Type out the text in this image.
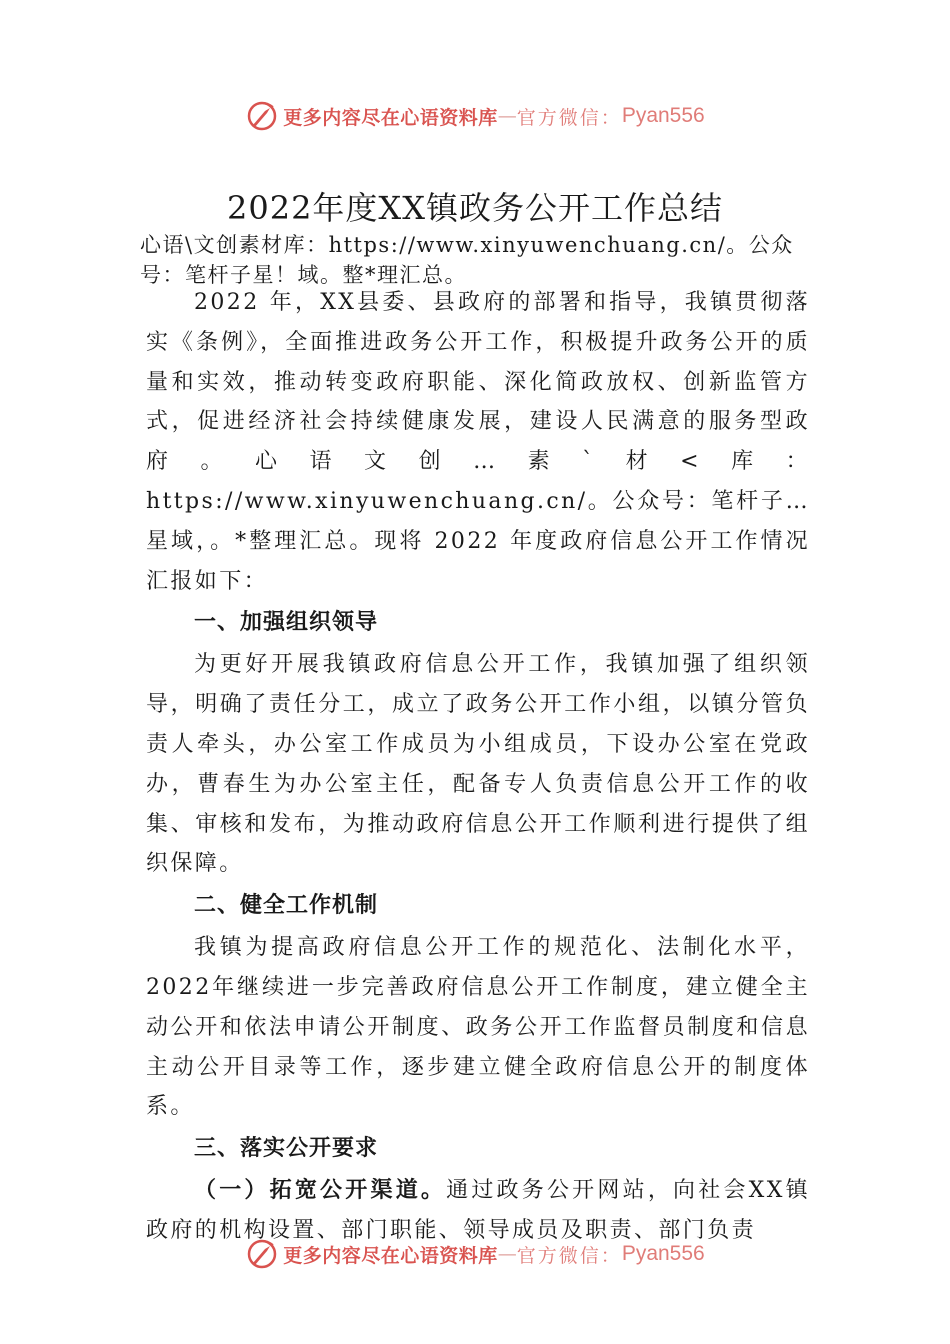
更多内容尽在心语资料库 — 官方微信： Pyan556
2022年度XX镇政务公开工作总结
心语\文创素材库：https://www.xinyuwenchuang.cn/。公众号：笔杆子星！域。整*理汇总。

2022 年，XX县委、县政府的部署和指导，我镇贯彻落实《条例》，全面推进政务公开工作，积极提升政务公开的质量和实效，推动转变政府职能、深化简政放权、创新监管方式，促进经济社会持续健康发展，建设人民满意的服务型政府。心语文创…素`材<库：https://www.xinyuwenchuang.cn/。公众号：笔杆子…星域，。*整理汇总。现将 2022 年度政府信息公开工作情况汇报如下：

一、加强组织领导

为更好开展我镇政府信息公开工作，我镇加强了组织领导，明确了责任分工，成立了政务公开工作小组，以镇分管负责人牵头，办公室工作成员为小组成员，下设办公室在党政办，曹春生为办公室主任，配备专人负责信息公开工作的收集、审核和发布，为推动政府信息公开工作顺利进行提供了组织保障。

二、健全工作机制

我镇为提高政府信息公开工作的规范化、法制化水平，2022年继续进一步完善政府信息公开工作制度，建立健全主动公开和依法申请公开制度、政务公开工作监督员制度和信息主动公开目录等工作，逐步建立健全政府信息公开的制度体系。

三、落实公开要求

（一）拓宽公开渠道。通过政务公开网站，向社会XX镇政府的机构设置、部门职能、领导成员及职责、部门负责

更多内容尽在心语资料库 — 官方微信： Pyan556
